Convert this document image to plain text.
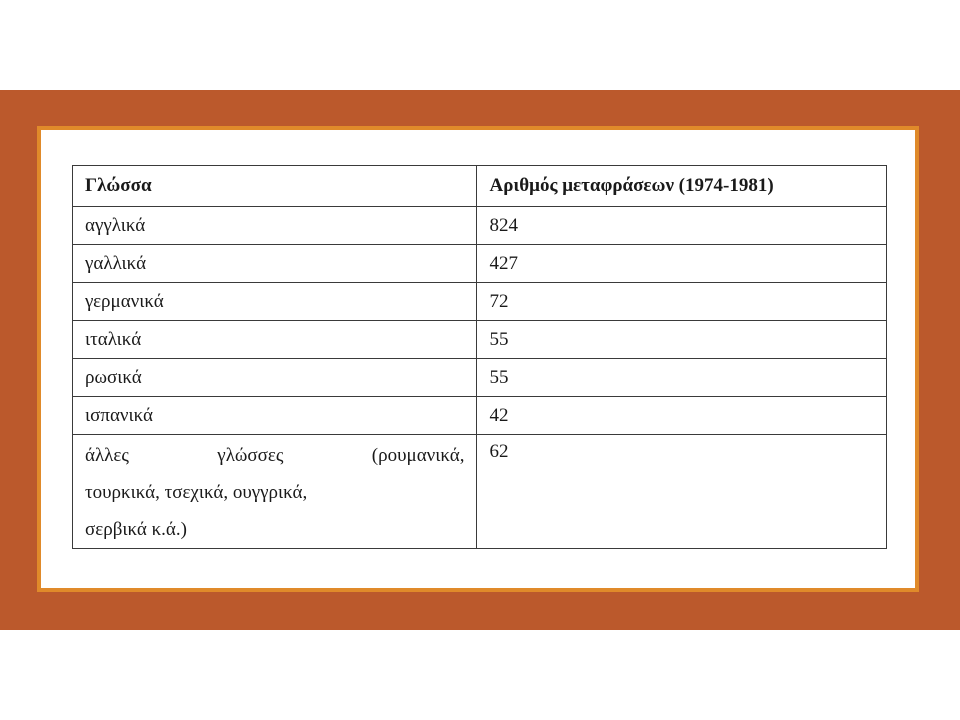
Γλώσσα	Αριθμός μεταφράσεων (1974-1981)
αγγλικά	824
γαλλικά	427
γερμανικά	72
ιταλικά	55
ρωσικά	55
ισπανικά	42

άλλες γλώσσες (ρουμανικά,
τουρκικά, τσεχικά, ουγγρικά,
σερβικά κ.ά.)	62
